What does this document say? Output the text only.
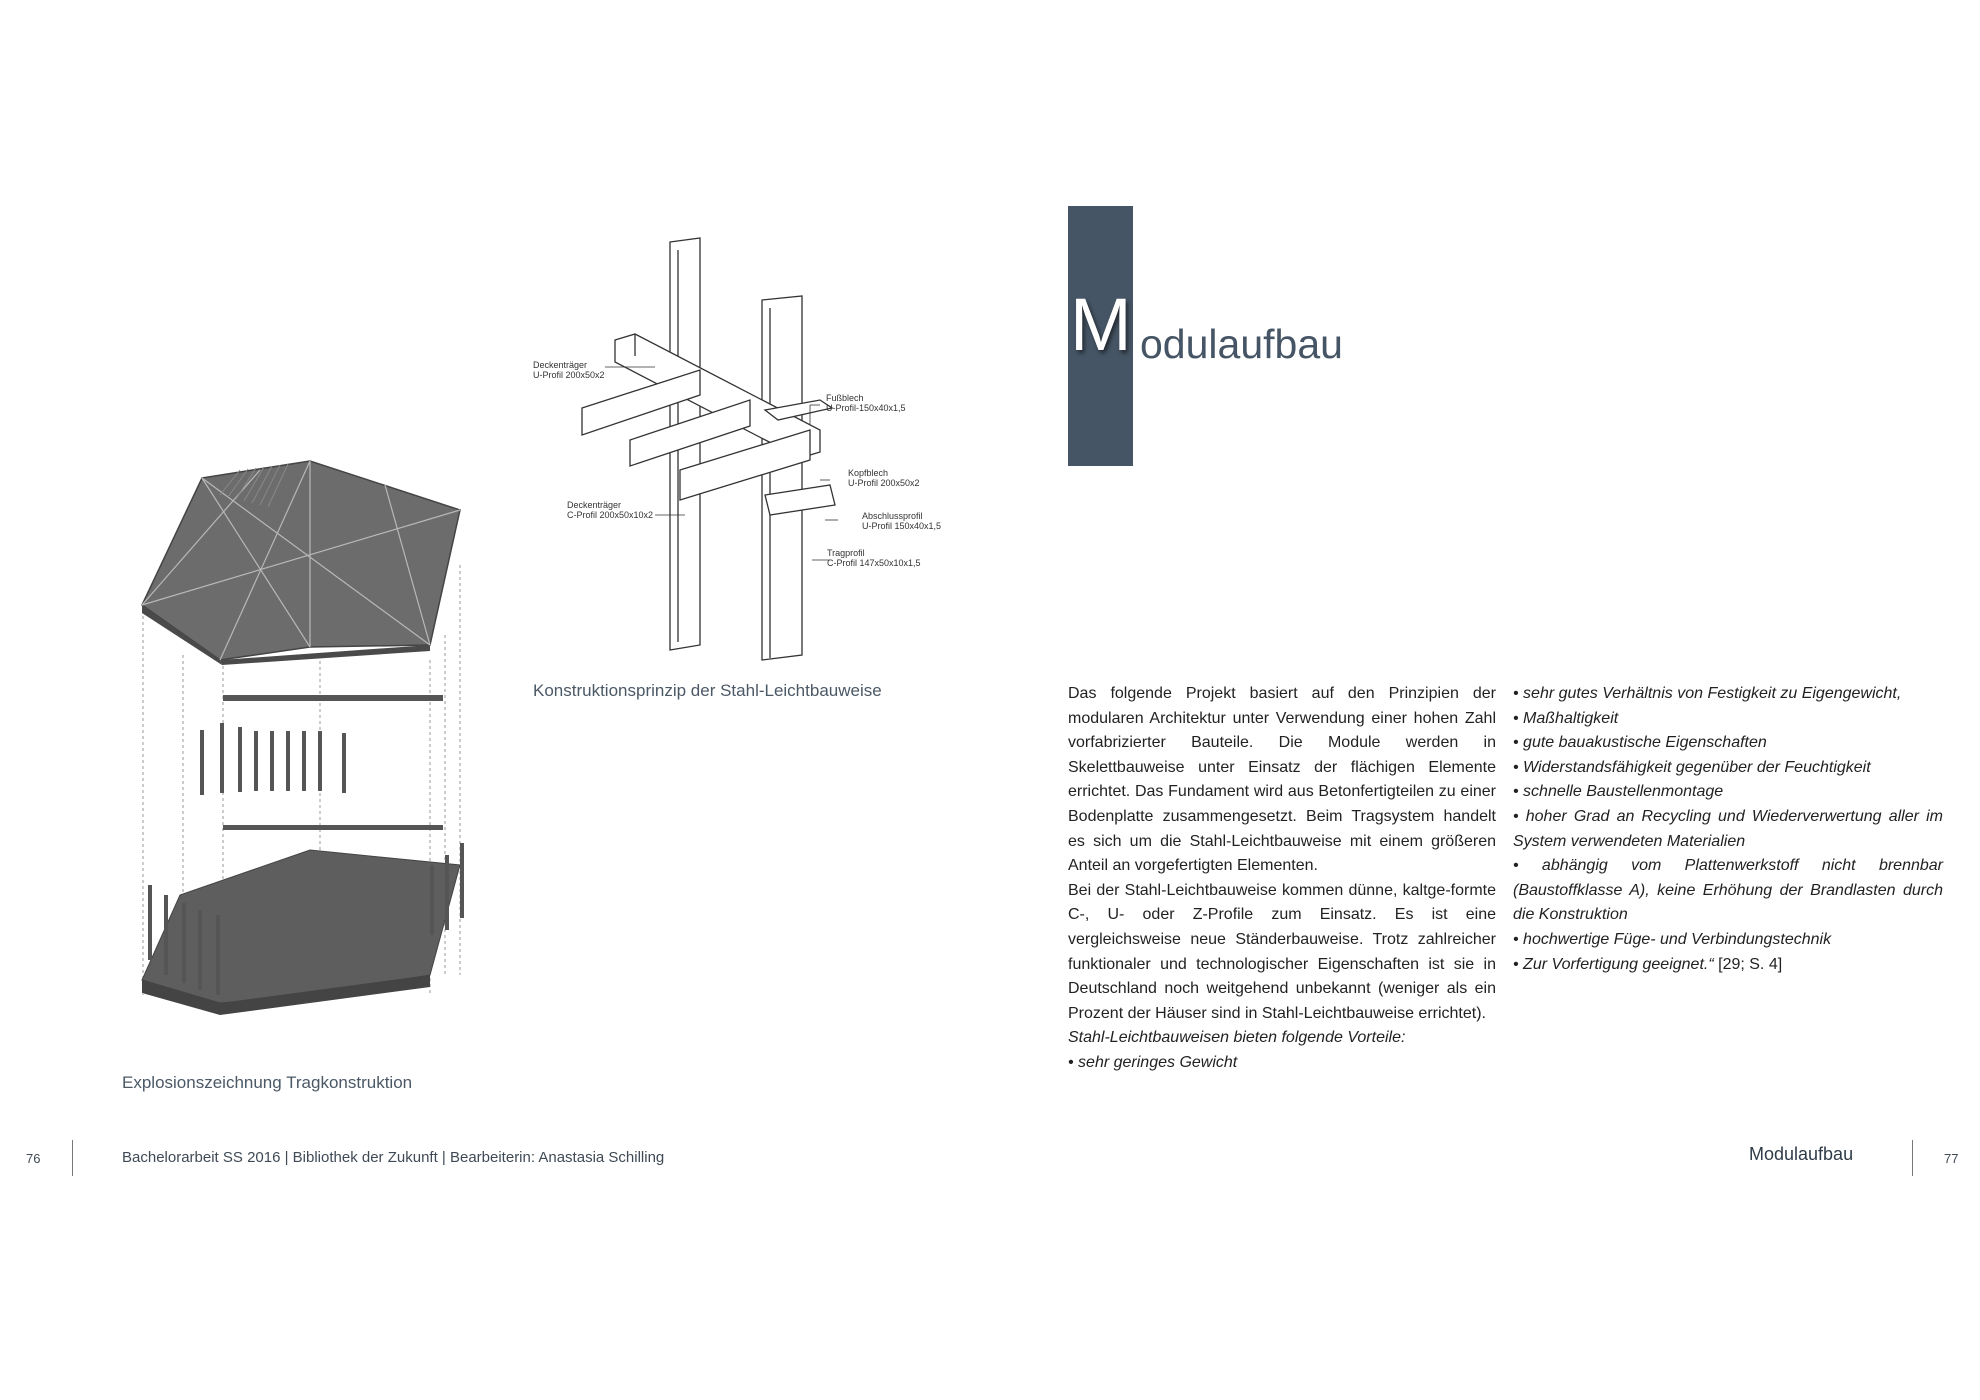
Explosionszeichnung Tragkonstruktion
Deckenträger
U-Profil 200x50x2
Fußblech
U-Profil-150x40x1,5
Kopfblech
U-Profil 200x50x2
Deckenträger
C-Profil 200x50x10x2	Abschlussprofil
U-Profil 150x40x1,5
Tragprofil
C-Profil 147x50x10x1,5
Konstruktionsprinzip der Stahl-Leichtbauweise
M odulaufbau

Das folgende Projekt basiert auf den Prinzipien der modularen Architektur unter Verwendung einer hohen Zahl vorfabrizierter Bauteile. Die Module werden in Skelettbauweise unter Einsatz der flächigen Elemente errichtet. Das Fundament wird aus Betonfertigteilen zu einer Bodenplatte zusammengesetzt. Beim Tragsystem handelt es sich um die Stahl-Leichtbauweise mit einem größeren Anteil an vorgefertigten Elementen.

Bei der Stahl-Leichtbauweise kommen dünne, kaltge-formte C-, U- oder Z-Profile zum Einsatz. Es ist eine vergleichsweise neue Ständerbauweise. Trotz zahlreicher funktionaler und technologischer Eigenschaften ist sie in Deutschland noch weitgehend unbekannt (weniger als ein Prozent der Häuser sind in Stahl-Leichtbauweise errichtet).

Stahl-Leichtbauweisen bieten folgende Vorteile:

• sehr geringes Gewicht

• sehr gutes Verhältnis von Festigkeit zu Eigengewicht,
• Maßhaltigkeit
• gute bauakustische Eigenschaften
• Widerstandsfähigkeit gegenüber der Feuchtigkeit
• schnelle Baustellenmontage
• hoher Grad an Recycling und Wiederverwertung aller im System verwendeten Materialien
• abhängig vom Plattenwerkstoff nicht brennbar (Baustoffklasse A), keine Erhöhung der Brandlasten durch die Konstruktion
• hochwertige Füge- und Verbindungstechnik
• Zur Vorfertigung geeignet.“ [29; S. 4]
76	Bachelorarbeit SS 2016 | Bibliothek der Zukunft | Bearbeiterin: Anastasia Schilling	Modulaufbau	77
